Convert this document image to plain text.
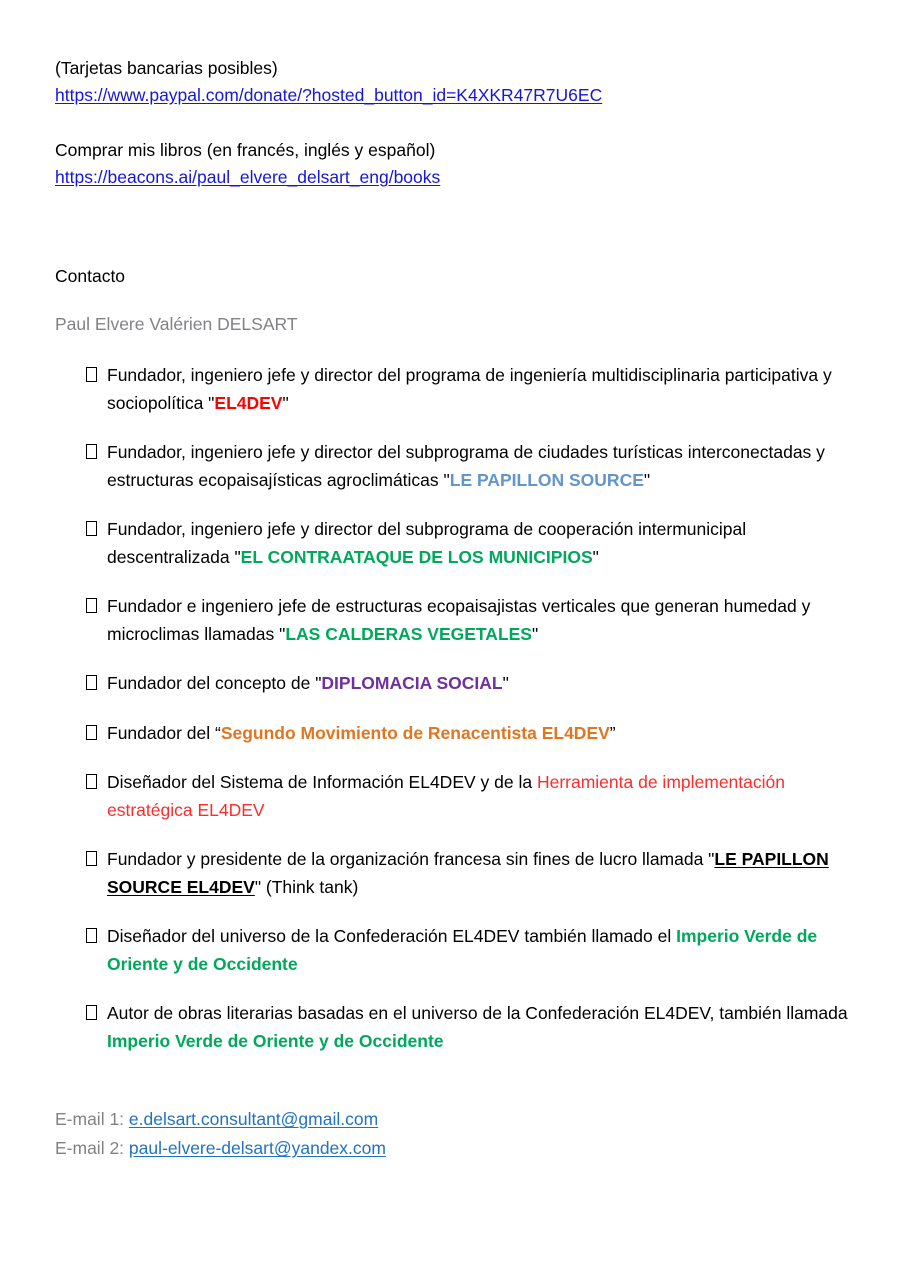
(Tarjetas bancarias posibles)
https://www.paypal.com/donate/?hosted_button_id=K4XKR47R7U6EC
Comprar mis libros (en francés, inglés y español)
https://beacons.ai/paul_elvere_delsart_eng/books
Contacto
Paul Elvere Valérien DELSART
Fundador, ingeniero jefe y director del programa de ingeniería multidisciplinaria participativa y sociopolítica "EL4DEV"
Fundador, ingeniero jefe y director del subprograma de ciudades turísticas interconectadas y estructuras ecopaisajísticas agroclimáticas "LE PAPILLON SOURCE"
Fundador, ingeniero jefe y director del subprograma de cooperación intermunicipal descentralizada "EL CONTRAATAQUE DE LOS MUNICIPIOS"
Fundador e ingeniero jefe de estructuras ecopaisajistas verticales que generan humedad y microclimas llamadas "LAS CALDERAS VEGETALES"
Fundador del concepto de "DIPLOMACIA SOCIAL"
Fundador del “Segundo Movimiento de Renacentista EL4DEV”
Diseñador del Sistema de Información EL4DEV y de la Herramienta de implementación estratégica EL4DEV
Fundador y presidente de la organización francesa sin fines de lucro llamada "LE PAPILLON SOURCE EL4DEV" (Think tank)
Diseñador del universo de la Confederación EL4DEV también llamado el Imperio Verde de Oriente y de Occidente
Autor de obras literarias basadas en el universo de la Confederación EL4DEV, también llamada Imperio Verde de Oriente y de Occidente
E-mail 1: e.delsart.consultant@gmail.com
E-mail 2: paul-elvere-delsart@yandex.com
